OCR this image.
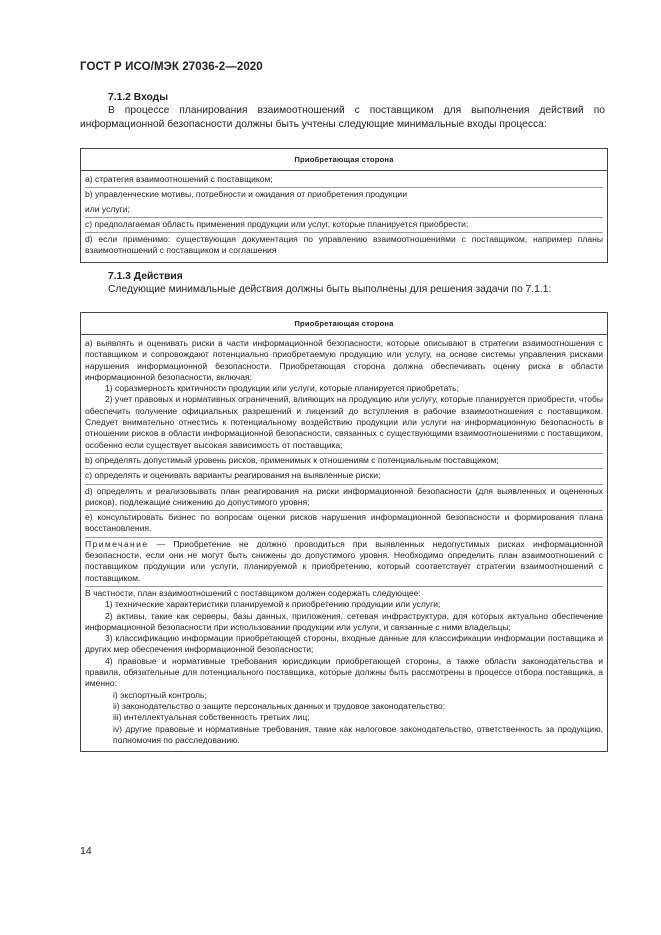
ГОСТ Р ИСО/МЭК 27036-2—2020
7.1.2 Входы
В процессе планирования взаимоотношений с поставщиком для выполнения действий по информационной безопасности должны быть учтены следующие минимальные входы процесса:
Приобретающая сторона
a) стратегия взаимоотношений с поставщиком;
b) управленческие мотивы, потребности и ожидания от приобретения продукции
или услуги;
c) предполагаемая область применения продукции или услуг, которые планируется приобрести;
d) если применимо: существующая документация по управлению взаимоотношениями с поставщиком, например планы взаимоотношений с поставщиком и соглашения
7.1.3 Действия
Следующие минимальные действия должны быть выполнены для решения задачи по 7.1.1:
Приобретающая сторона
a) выявлять и оценивать риски в части информационной безопасности, которые описывают в стратегии взаимоотношения с поставщиком и сопровождают потенциально приобретаемую продукцию или услугу, на основе системы управления рисками нарушения информационной безопасности. Приобретающая сторона должна обеспечивать оценку риска в области информационной безопасности, включая:
1) соразмерность критичности продукции или услуги, которые планируется приобретать;
2) учет правовых и нормативных ограничений, влияющих на продукцию или услугу, которые планируется приобрести, чтобы обеспечить получение официальных разрешений и лицензий до вступления в рабочие взаимоотношения с поставщиком. Следует внимательно отнестись к потенциальному воздействию продукции или услуги на информационную безопасность в отношении рисков в области информационной безопасности, связанных с существующими взаимоотношениями с поставщиком, особенно если существует высокая зависимость от поставщика;
b) определять допустимый уровень рисков, применимых к отношениям с потенциальным поставщиком;
c) определять и оценивать варианты реагирования на выявленные риски;
d) определять и реализовывать план реагирования на риски информационной безопасности (для выявленных и оцененных рисков), подлежащие снижению до допустимого уровня;
e) консультировать бизнес по вопросам оценки рисков нарушения информационной безопасности и формирования плана восстановления.
Примечание — Приобретение не должно проводиться при выявленных недопустимых рисках информационной безопасности, если они не могут быть снижены до допустимого уровня. Необходимо определить план взаимоотношений с поставщиком продукции или услуги, планируемой к приобретению, который соответствует стратегии взаимоотношений с поставщиком.
В частности, план взаимоотношений с поставщиком должен содержать следующее:
1) технические характеристики планируемой к приобретению продукции или услуги;
2) активы, такие как серверы, базы данных, приложения, сетевая инфраструктура, для которых актуально обеспечение информационной безопасности при использовании продукции или услуги, и связанные с ними владельцы;
3) классификацию информации приобретающей стороны, входные данные для классификации информации поставщика и других мер обеспечения информационной безопасности;
4) правовые и нормативные требования юрисдикции приобретающей стороны, а также области законодательства и правила, обязательные для потенциального поставщика, которые должны быть рассмотрены в процессе отбора поставщика, а именно:
i) экспортный контроль;
ii) законодательство о защите персональных данных и трудовое законодательство;
iii) интеллектуальная собственность третьих лиц;
iv) другие правовые и нормативные требования, такие как налоговое законодательство, ответственность за продукцию, полномочия по расследованию.
14
